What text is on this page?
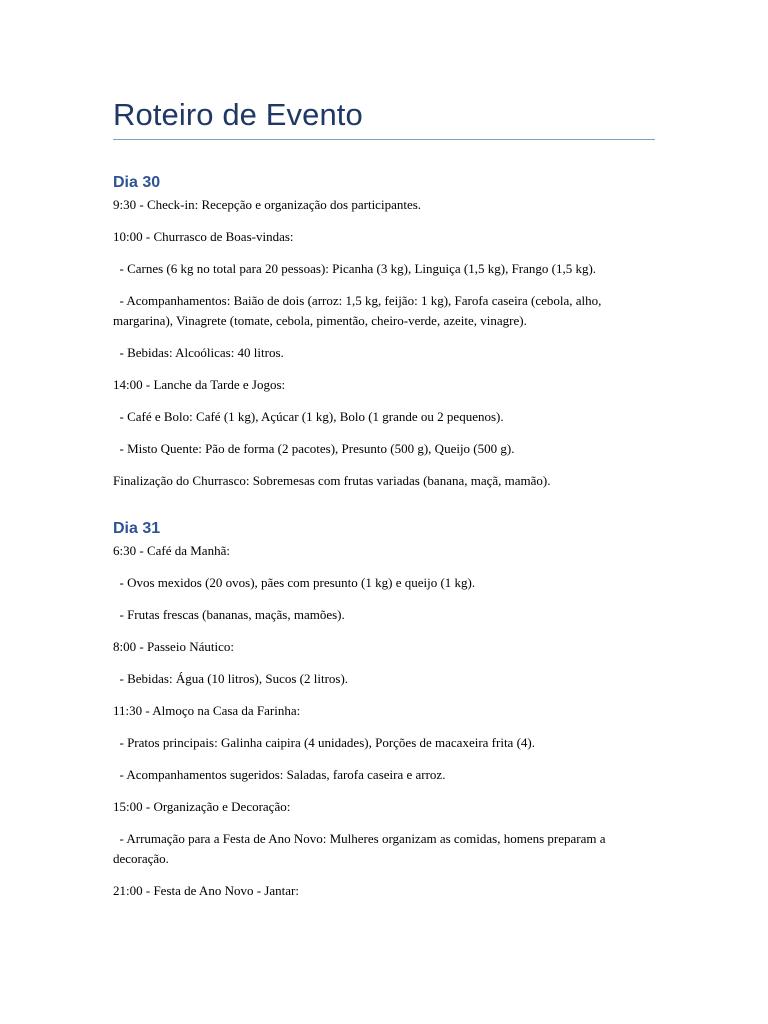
Roteiro de Evento
Dia 30

9:30 - Check-in: Recepção e organização dos participantes.

10:00 - Churrasco de Boas-vindas:

- Carnes (6 kg no total para 20 pessoas): Picanha (3 kg), Linguiça (1,5 kg), Frango (1,5 kg).

- Acompanhamentos: Baião de dois (arroz: 1,5 kg, feijão: 1 kg), Farofa caseira (cebola, alho, margarina), Vinagrete (tomate, cebola, pimentão, cheiro-verde, azeite, vinagre).

- Bebidas: Alcoólicas: 40 litros.

14:00 - Lanche da Tarde e Jogos:

- Café e Bolo: Café (1 kg), Açúcar (1 kg), Bolo (1 grande ou 2 pequenos).

- Misto Quente: Pão de forma (2 pacotes), Presunto (500 g), Queijo (500 g).

Finalização do Churrasco: Sobremesas com frutas variadas (banana, maçã, mamão).

Dia 31

6:30 - Café da Manhã:

- Ovos mexidos (20 ovos), pães com presunto (1 kg) e queijo (1 kg).

- Frutas frescas (bananas, maçãs, mamões).

8:00 - Passeio Náutico:

- Bebidas: Água (10 litros), Sucos (2 litros).

11:30 - Almoço na Casa da Farinha:

- Pratos principais: Galinha caipira (4 unidades), Porções de macaxeira frita (4).

- Acompanhamentos sugeridos: Saladas, farofa caseira e arroz.

15:00 - Organização e Decoração:

- Arrumação para a Festa de Ano Novo: Mulheres organizam as comidas, homens preparam a decoração.

21:00 - Festa de Ano Novo - Jantar:
